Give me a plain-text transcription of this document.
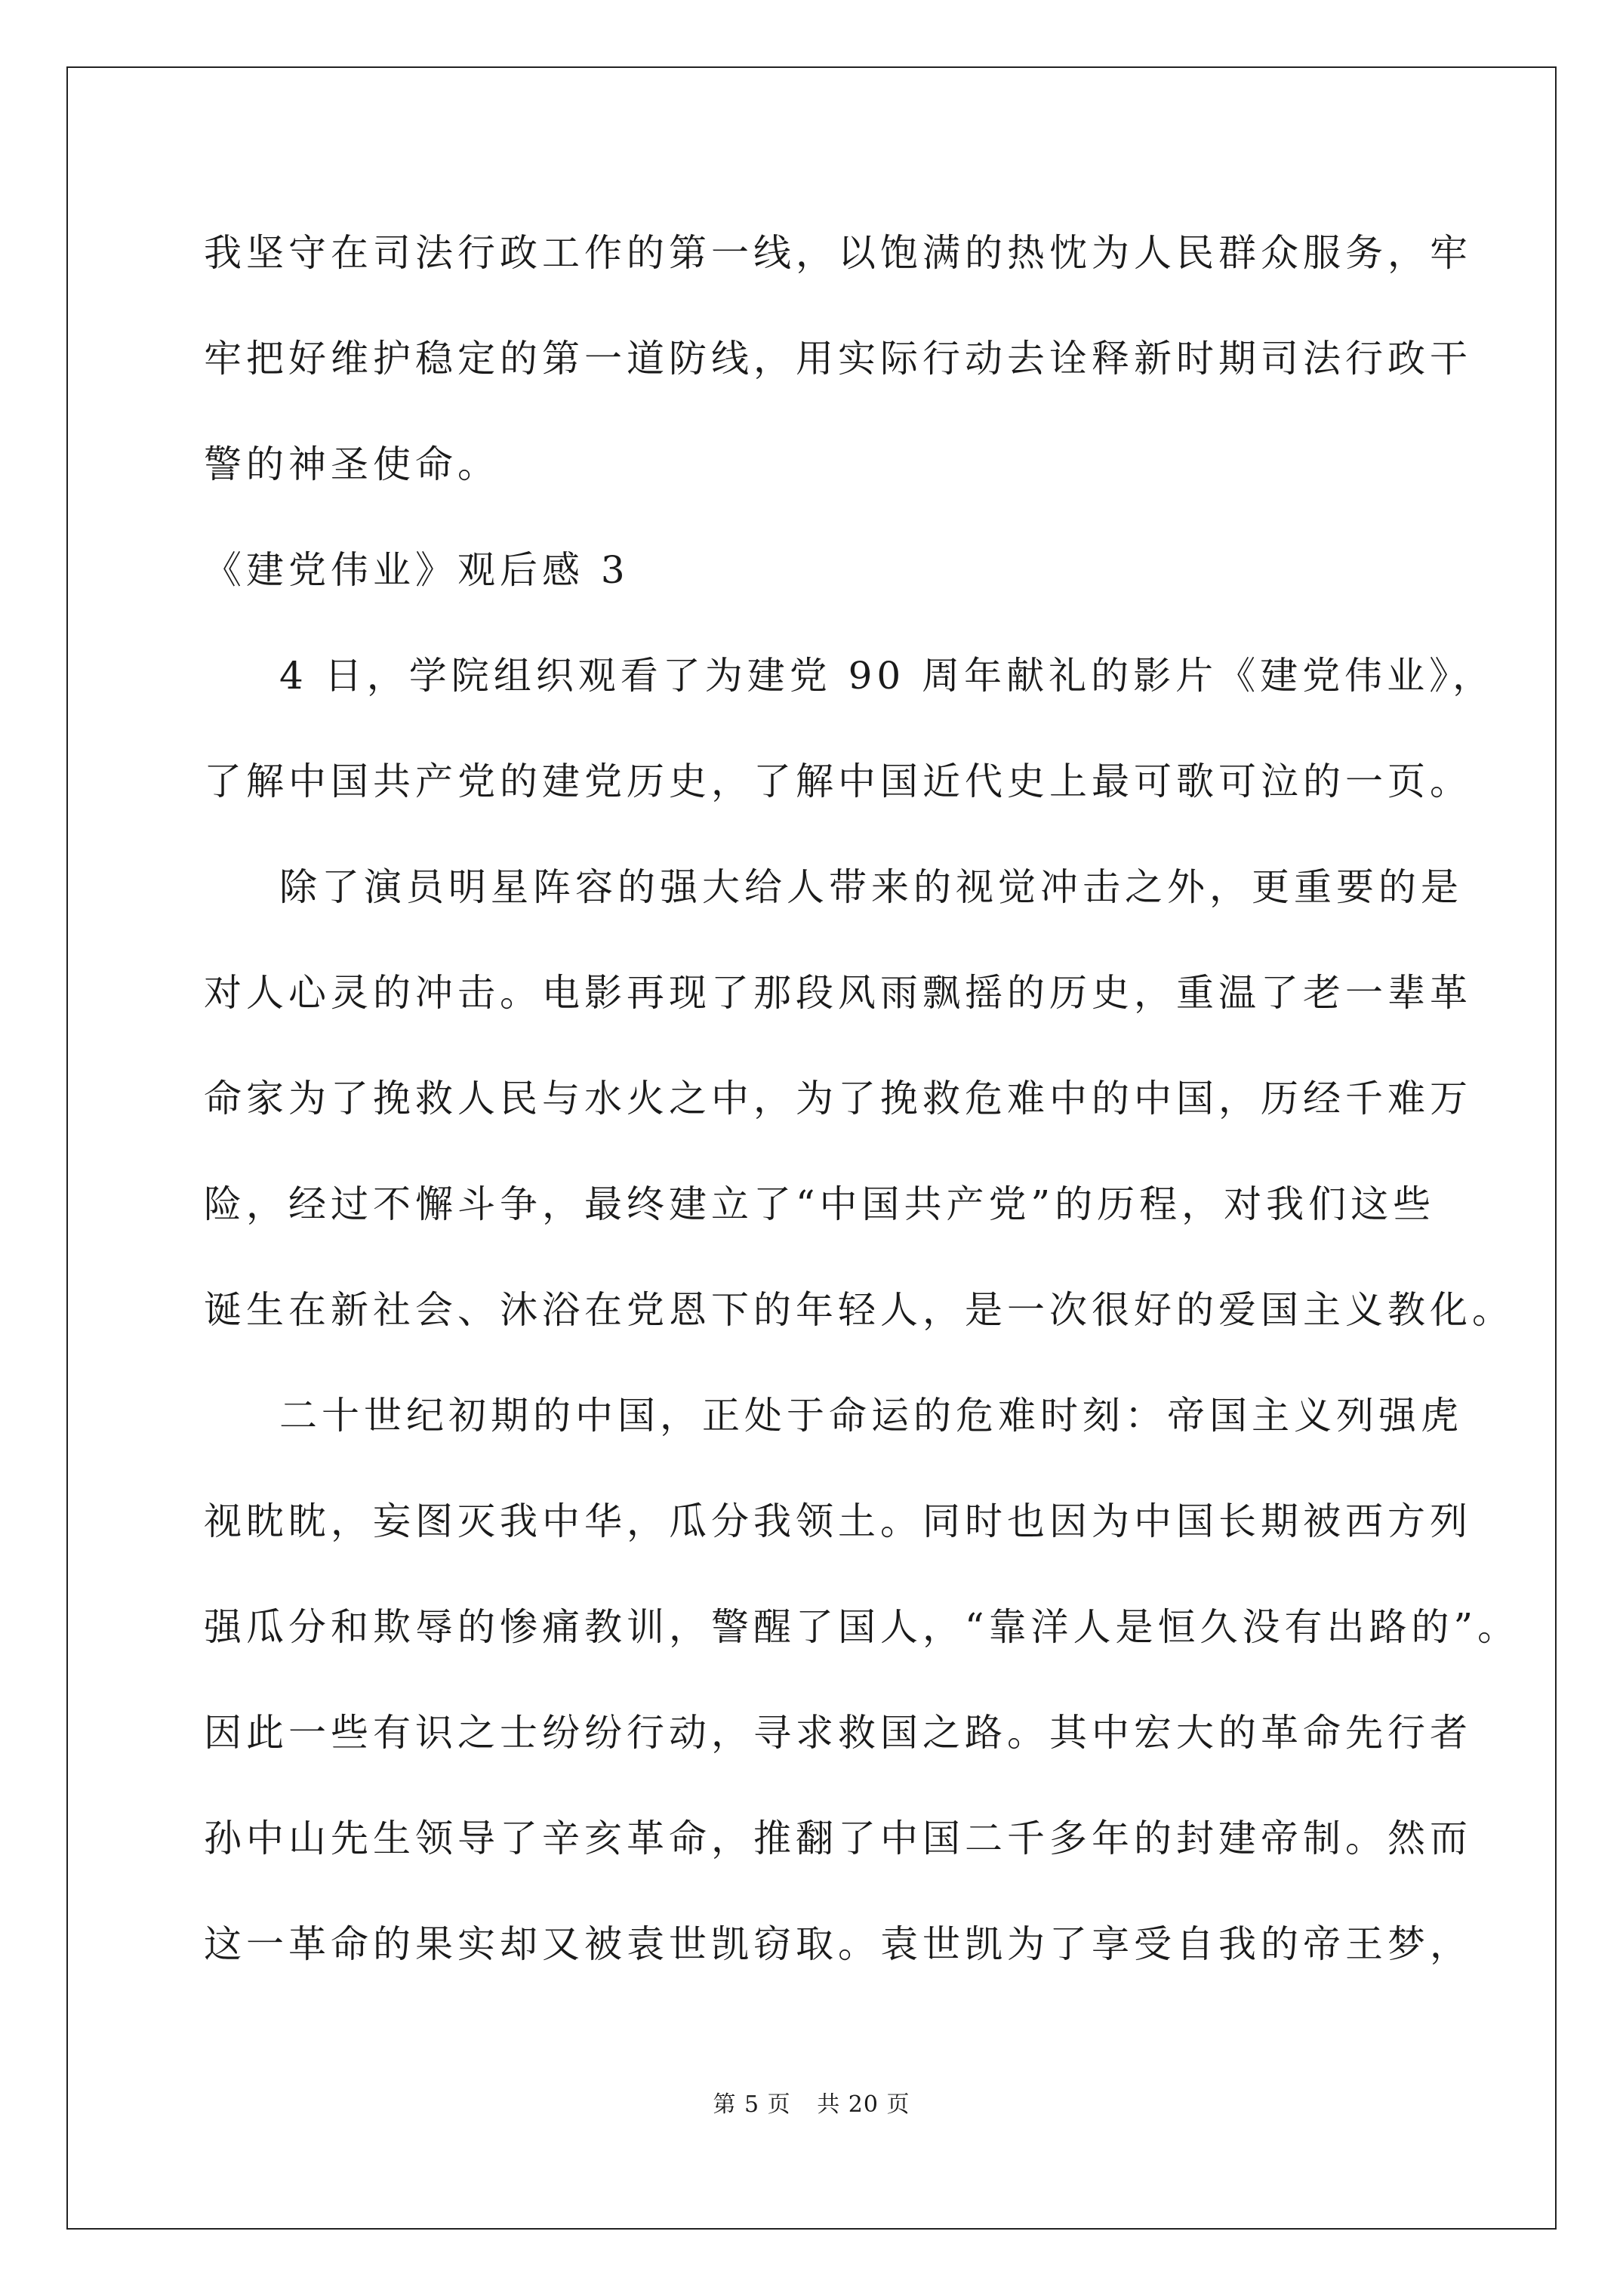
我坚守在司法行政工作的第一线，以饱满的热忱为人民群众服务，牢
牢把好维护稳定的第一道防线，用实际行动去诠释新时期司法行政干
警的神圣使命。
《建党伟业》观后感 3
4 日，学院组织观看了为建党 90 周年献礼的影片《建党伟业》，
了解中国共产党的建党历史，了解中国近代史上最可歌可泣的一页。
除了演员明星阵容的强大给人带来的视觉冲击之外，更重要的是
对人心灵的冲击。电影再现了那段风雨飘摇的历史，重温了老一辈革
命家为了挽救人民与水火之中，为了挽救危难中的中国，历经千难万
险，经过不懈斗争，最终建立了“中国共产党”的历程，对我们这些
诞生在新社会、沐浴在党恩下的年轻人，是一次很好的爱国主义教化。
二十世纪初期的中国，正处于命运的危难时刻：帝国主义列强虎
视眈眈，妄图灭我中华，瓜分我领土。同时也因为中国长期被西方列
强瓜分和欺辱的惨痛教训，警醒了国人，“靠洋人是恒久没有出路的”。
因此一些有识之士纷纷行动，寻求救国之路。其中宏大的革命先行者
孙中山先生领导了辛亥革命，推翻了中国二千多年的封建帝制。然而
这一革命的果实却又被袁世凯窃取。袁世凯为了享受自我的帝王梦，
第 5 页 共 20 页
